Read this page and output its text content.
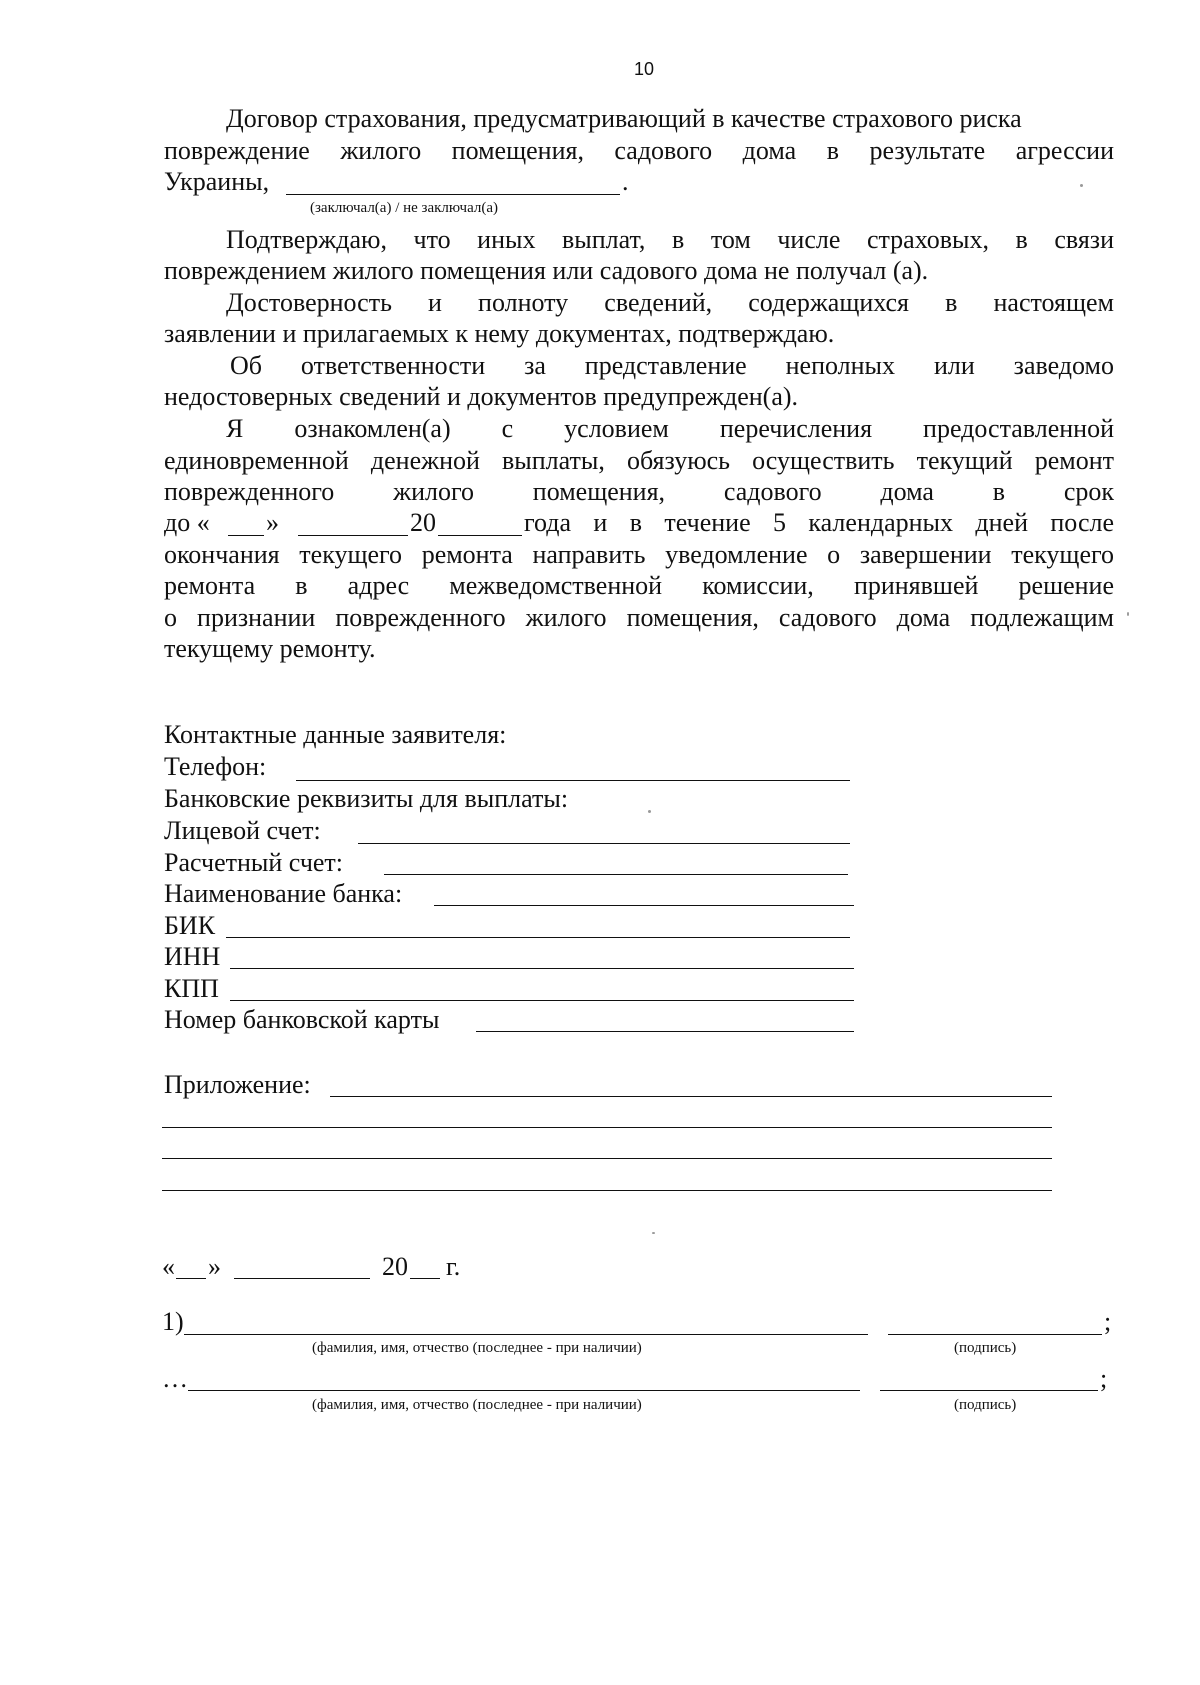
10
Договор страхования, предусматривающий в качестве страхового риска
повреждение жилого помещения, садового дома в результате агрессии
Украины,	.
(заключал(а) / не заключал(а)
Подтверждаю, что иных выплат, в том числе страховых, в связи
повреждением жилого помещения или садового дома не получал (а).
Достоверность и полноту сведений, содержащихся в настоящем
заявлении и прилагаемых к нему документах, подтверждаю.
Об ответственности за представление неполных или заведомо
недостоверных сведений и документов предупрежден(а).
Я ознакомлен(а) с условием перечисления предоставленной
единовременной денежной выплаты, обязуюсь осуществить текущий ремонт
поврежденного жилого помещения, садового дома в срок
до « »	20	года и в течение 5 календарных дней после
окончания текущего ремонта направить уведомление о завершении текущего
ремонта в адрес межведомственной комиссии, принявшей решение
о признании поврежденного жилого помещения, садового дома подлежащим
текущему ремонту.
Контактные данные заявителя:
Телефон:
Банковские реквизиты для выплаты:
Лицевой счет:
Расчетный счет:
Наименование банка:
БИК
ИНН
КПП
Номер банковской карты
Приложение:
« »	20 г.
1)	;
(фамилия, имя, отчество (последнее - при наличии)	(подпись)
…	;
(фамилия, имя, отчество (последнее - при наличии)	(подпись)
